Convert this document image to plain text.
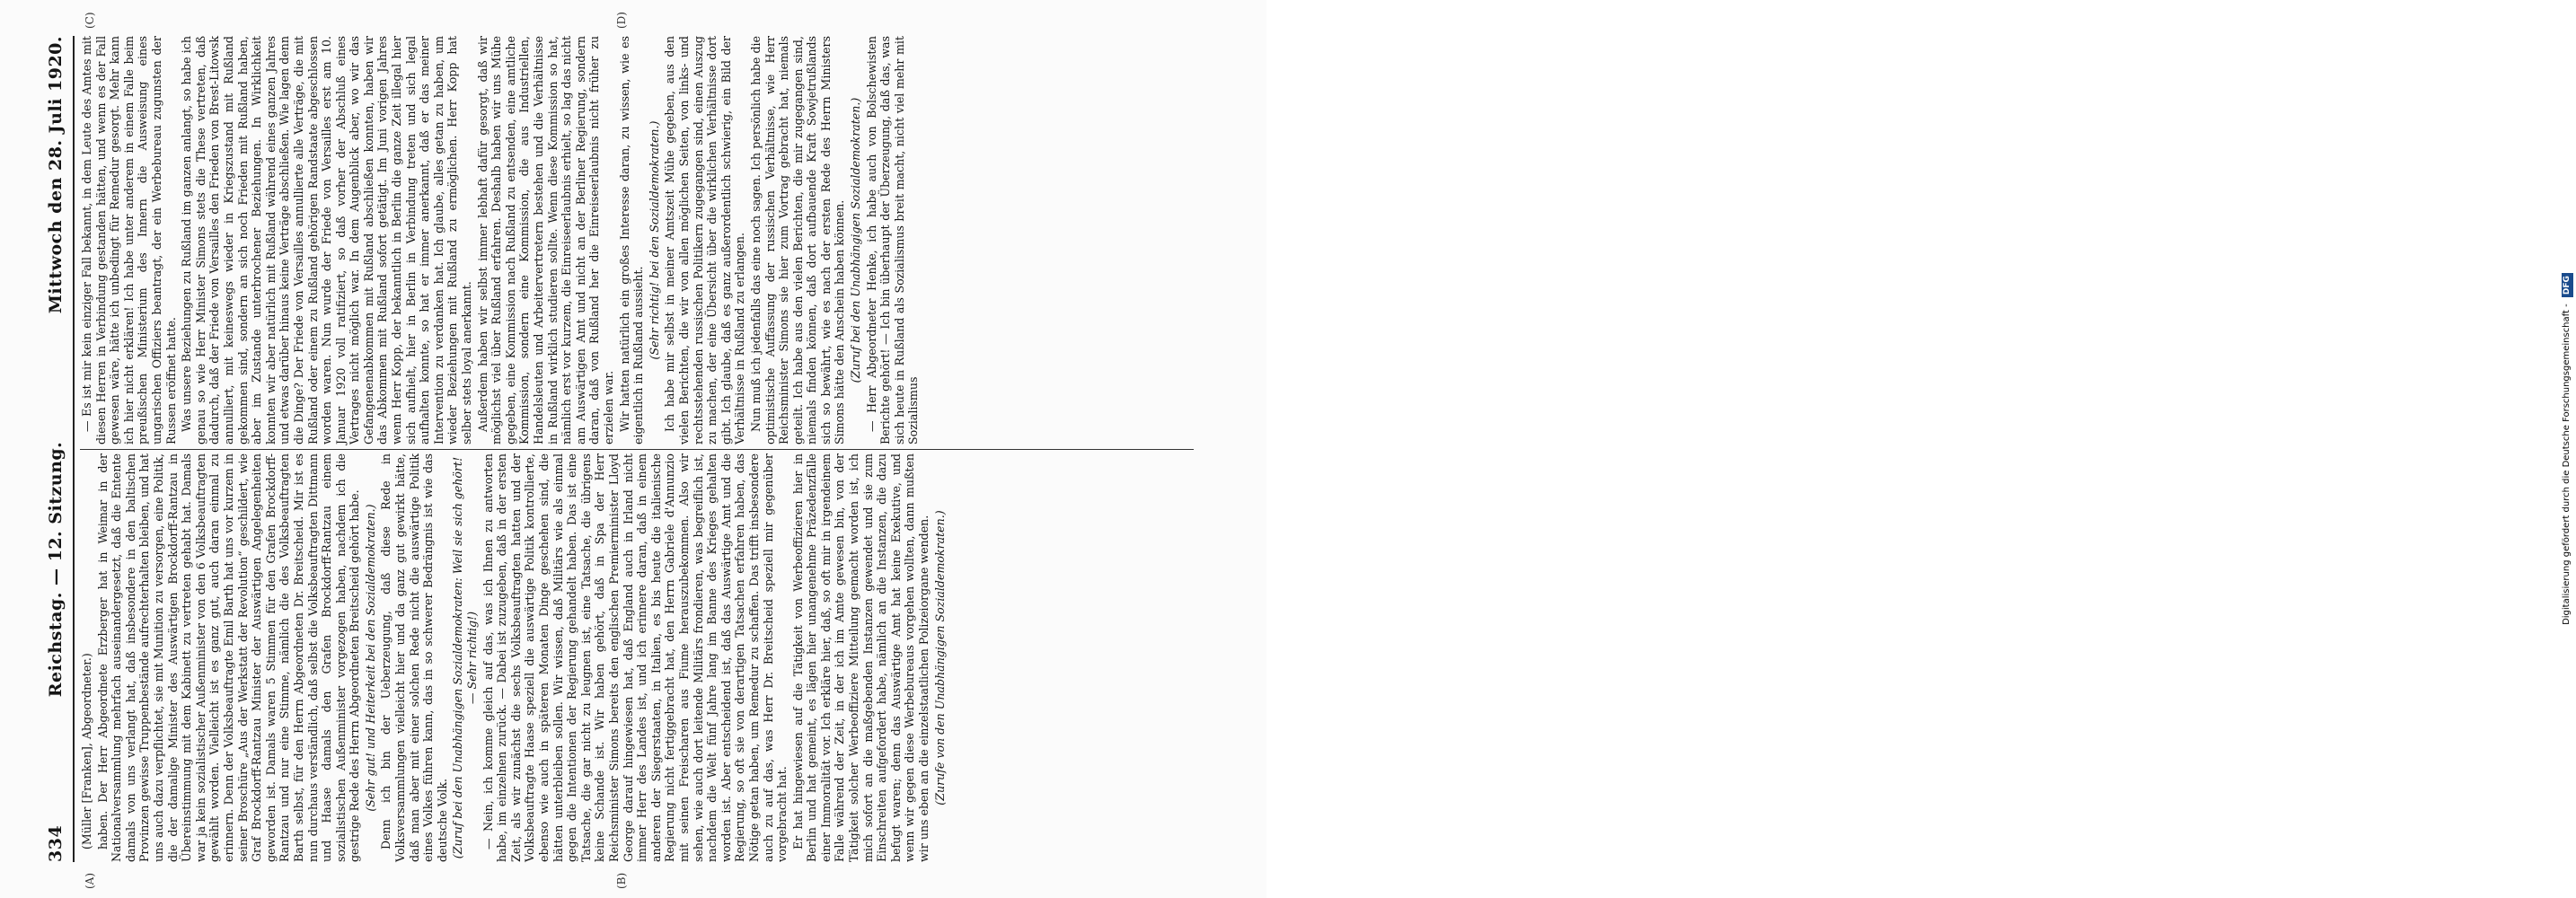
334
Reichstag. — 12. Sitzung.
Mittwoch den 28. Juli 1920.

(Müller [Franken], Abgeordneter.) haben. Der Herr Abgeordnete Erzberger hat in Weimar in der Nationalversammlung mehrfach auseinandergesetzt, daß die Entente damals von uns verlangt hat, daß insbesondere in den baltischen Provinzen gewisse Truppenbestände aufrechterhalten bleiben, und hat uns auch dazu verpflichtet, sie mit Munition zu versorgen, eine Politik, die der damalige Minister des Auswärtigen Brockdorff-Rantzau in Übereinstimmung mit dem Kabinett zu vertreten gehabt hat. Damals war ja kein sozialistischer Außenminister von den 6 Volksbeauftragten gewählt worden. Vielleicht ist es ganz gut, auch daran einmal zu erinnern. Denn der Volksbeauftragte Emil Barth hat uns vor kurzem in seiner Broschüre „Aus der Werkstatt der Revolution“ geschildert, wie Graf Brockdorff-Rantzau Minister der Auswärtigen Angelegenheiten geworden ist. Damals waren 5 Stimmen für den Grafen Brockdorff-Rantzau und nur eine Stimme, nämlich die des Volksbeauftragten Barth selbst, für den Herrn Abgeordneten Dr. Breitscheid. Mir ist es nun durchaus verständlich, daß selbst die Volksbeauftragten Dittmann und Haase damals den Grafen Brockdorff-Rantzau einem sozialistischen Außenminister vorgezogen haben, nachdem ich die gestrige Rede des Herrn Abgeordneten Breitscheid gehört habe. (Sehr gut! und Heiterkeit bei den Sozialdemokraten.) Denn ich bin der Ueberzeugung, daß diese Rede in Volksversammlungen vielleicht hier und da ganz gut gewirkt hätte, daß man aber mit einer solchen Rede nicht die auswärtige Politik eines Volkes führen kann, das in so schwerer Bedrängnis ist wie das deutsche Volk. (Zuruf bei den Unabhängigen Sozialdemokraten: Weil sie sich gehört! — Sehr richtig!) — Nein, ich komme gleich auf das, was ich Ihnen zu antworten habe, im einzelnen zurück. — Dabei ist zuzugeben, daß in der ersten Zeit, als wir zunächst die sechs Volksbeauftragten hatten und der Volksbeauftragte Haase speziell die auswärtige Politik kontrollierte, ebenso wie auch in späteren Monaten Dinge geschehen sind, die hätten unterbleiben sollen. Wir wissen, daß Militärs wie als einmal gegen die Intentionen der Regierung gehandelt haben. Das ist eine Tatsache, die gar nicht zu leugnen ist, eine Tatsache, die übrigens keine Schande ist. Wir haben gehört, daß in Spa der Herr Reichsminister Simons bereits den englischen Premierminister Lloyd George darauf hingewiesen hat, daß England auch in Irland nicht immer Herr des Landes ist, und ich erinnere daran, daß in einem anderen der Siegerstaaten, in Italien, es bis heute die italienische Regierung nicht fertiggebracht hat, den Herrn Gabriele d'Annunzio mit seinen Freischaren aus Fiume herauszubekommen. Also wir sehen, wie auch dort leitende Militärs frondieren, was begreiflich ist, nachdem die Welt fünf Jahre lang im Banne des Krieges gehalten worden ist. Aber entscheidend ist, daß das Auswärtige Amt und die Regierung, so oft sie von derartigen Tatsachen erfahren haben, das Nötige getan haben, um Remedur zu schaffen. Das trifft insbesondere auch zu auf das, was Herr Dr. Breitscheid speziell mir gegenüber vorgebracht hat. Er hat hingewiesen auf die Tätigkeit von Werbeoffizieren hier in Berlin und hat gemeint, es lägen hier unangenehme Präzedenzfälle einer Immoralität vor. Ich erkläre hier, daß, so oft mir in irgendeinem Falle während der Zeit, in der ich im Amte gewesen bin, von der Tätigkeit solcher Werbeoffiziere Mitteilung gemacht worden ist, ich mich sofort an die maßgebenden Instanzen gewendet und sie zum Einschreiten aufgefordert habe, nämlich an die Instanzen, die dazu befugt waren; denn das Auswärtige Amt hat keine Exekutive, und wenn wir gegen diese Werbebureaus vorgehen wollten, dann mußten wir uns eben an die einzelstaatlichen Polizeiorgane wenden. (Zurufe von den Unabhängigen Sozialdemokraten.)

— Es ist mir kein einziger Fall bekannt, in dem Leute des Amtes mit diesen Herren in Verbindung gestanden hätten, und wenn es der Fall gewesen wäre, hätte ich unbedingt für Remedur gesorgt. Mehr kann ich hier nicht erklären! Ich habe unter anderem in einem Falle beim preußischen Ministerium des Innern die Ausweisung eines ungarischen Offiziers beantragt, der ein Werbebureau zugunsten der Russen eröffnet hatte. Was unsere Beziehungen zu Rußland im ganzen anlangt, so habe ich genau so wie Herr Minister Simons stets die These vertreten, daß dadurch, daß der Friede von Versailles den Frieden von Brest-Litowsk annulliert, mit keineswegs wieder in Kriegszustand mit Rußland gekommen sind, sondern an sich noch Frieden mit Rußland haben, aber im Zustande unterbrochener Beziehungen. In Wirklichkeit konnten wir aber natürlich mit Rußland während eines ganzen Jahres und etwas darüber hinaus keine Verträge abschließen. Wie lagen denn die Dinge? Der Friede von Versailles annullierte alle Verträge, die mit Rußland oder einem zu Rußland gehörigen Randstaate abgeschlossen worden waren. Nun wurde der Friede von Versailles erst am 10. Januar 1920 voll ratifiziert, so daß vorher der Abschluß eines Vertrages nicht möglich war. In dem Augenblick aber, wo wir das Gefangenenabkommen mit Rußland abschließen konnten, haben wir das Abkommen mit Rußland sofort getätigt. Im Juni vorigen Jahres wenn Herr Kopp, der bekanntlich in Berlin die ganze Zeit illegal hier sich aufhielt, hier in Berlin in Verbindung treten und sich legal aufhalten konnte, so hat er immer anerkannt, daß er das meiner Intervention zu verdanken hat. Ich glaube, alles getan zu haben, um wieder Beziehungen mit Rußland zu ermöglichen. Herr Kopp hat selber stets loyal anerkannt. Außerdem haben wir selbst immer lebhaft dafür gesorgt, daß wir möglichst viel über Rußland erfahren. Deshalb haben wir uns Mühe gegeben, eine Kommission nach Rußland zu entsenden, eine amtliche Kommission, sondern eine Kommission, die aus Industriellen, Handelsleuten und Arbeitervertretern bestehen und die Verhältnisse in Rußland wirklich studieren sollte. Wenn diese Kommission so hat, nämlich erst vor kurzem, die Einreiseerlaubnis erhielt, so lag das nicht am Auswärtigen Amt und nicht an der Berliner Regierung, sondern daran, daß von Rußland her die Einreiseerlaubnis nicht früher zu erzielen war. Wir hatten natürlich ein großes Interesse daran, zu wissen, wie es eigentlich in Rußland aussieht. (Sehr richtig! bei den Sozialdemokraten.) Ich habe mir selbst in meiner Amtszeit Mühe gegeben, aus den vielen Berichten, die wir von allen möglichen Seiten, von links- und rechtsstehenden russischen Politikern zugegangen sind, einen Auszug zu machen, der eine Übersicht über die wirklichen Verhältnisse dort gibt. Ich glaube, daß es ganz außerordentlich schwierig, ein Bild der Verhältnisse in Rußland zu erlangen. Nun muß ich jedenfalls das eine noch sagen. Ich persönlich habe die optimistische Auffassung der russischen Verhältnisse, wie Herr Reichsminister Simons sie hier zum Vortrag gebracht hat, niemals geteilt. Ich habe aus den vielen Berichten, die mir zugegangen sind, niemals finden können, daß dort aufbauende Kraft Sowjetrußlands sich so bewährt, wie es nach der ersten Rede des Herrn Ministers Simons hätte den Anschein haben können. (Zuruf bei den Unabhängigen Sozialdemokraten.) — Herr Abgeordneter Henke, ich habe auch von Bolschewisten Berichte gehört! — Ich bin überhaupt der Überzeugung, daß das, was sich heute in Rußland als Sozialismus breit macht, nicht viel mehr mit Sozialismus

(A)	(B)
(C)	(D)
Digitalisierung gefördert durch die Deutsche Forschungsgemeinschaft - DFG
